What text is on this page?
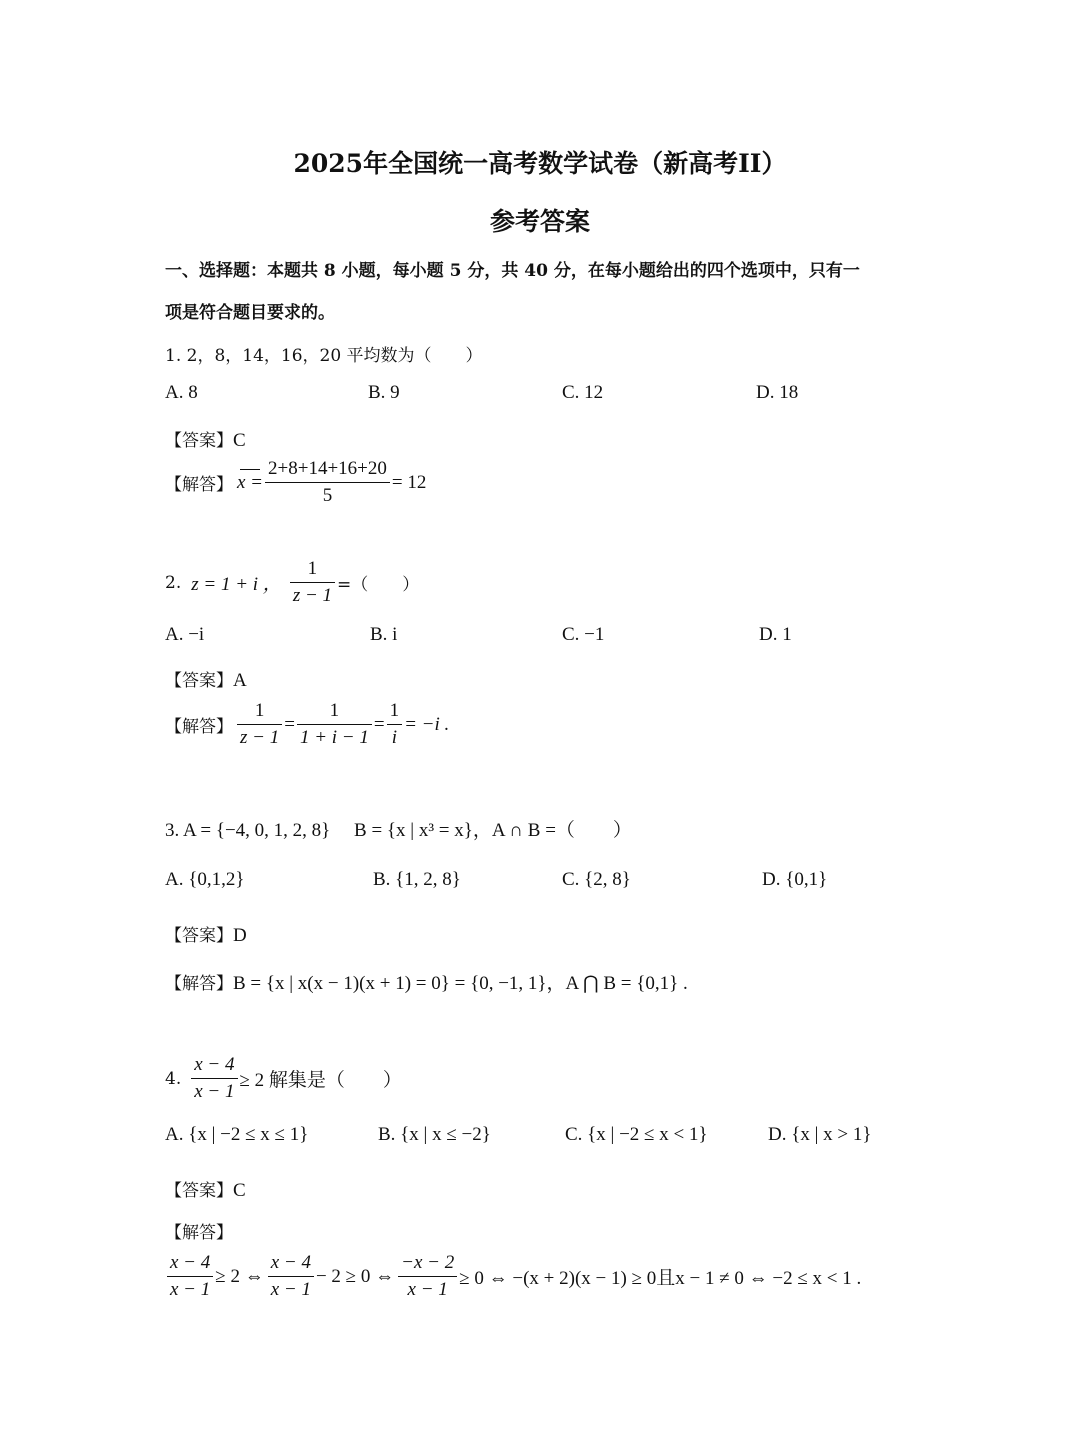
2025年全国统一高考数学试卷（新高考II）
参考答案
一、选择题：本题共 8 小题，每小题 5 分，共 40 分，在每小题给出的四个选项中，只有一
项是符合题目要求的。
1. 2，8，14，16，20 平均数为（　　）
A. 8	B. 9	C. 12	D. 18
【答案】C
【解答】 $x = \frac{2+8+14+16+20}{5} = 12$
2. z = 1 + i ， $\frac{1}{z - 1}$ =（　　）
A. −i	B. i	C. −1	D. 1
【答案】A
【解答】 $\frac{1}{z - 1} = \frac{1}{1 + i - 1} = \frac{1}{i} = -i$ .
3. A = {−4, 0, 1, 2, 8}　 B = {x | x³ = x}，A ∩ B =（　　）
A. {0,1,2}	B. {1, 2, 8}	C. {2, 8}	D. {0,1}
【答案】D
【解答】B = {x | x(x − 1)(x + 1) = 0} = {0, −1, 1}，A ⋂ B = {0,1} .
4. $\frac{x - 4}{x - 1} \ge 2$ 解集是（　　）
A. {x | −2 ≤ x ≤ 1}	B. {x | x ≤ −2}	C. {x | −2 ≤ x < 1}	D. {x | x > 1}
【答案】C
【解答】
$\frac{x - 4}{x - 1} \ge 2$ ⇔ $\frac{x - 4}{x - 1} - 2 \ge 0$ ⇔ $\frac{-x - 2}{x - 1} \ge 0$ ⇔ −(x + 2)(x − 1) ≥ 0且x − 1 ≠ 0 ⇔ −2 ≤ x < 1 .
